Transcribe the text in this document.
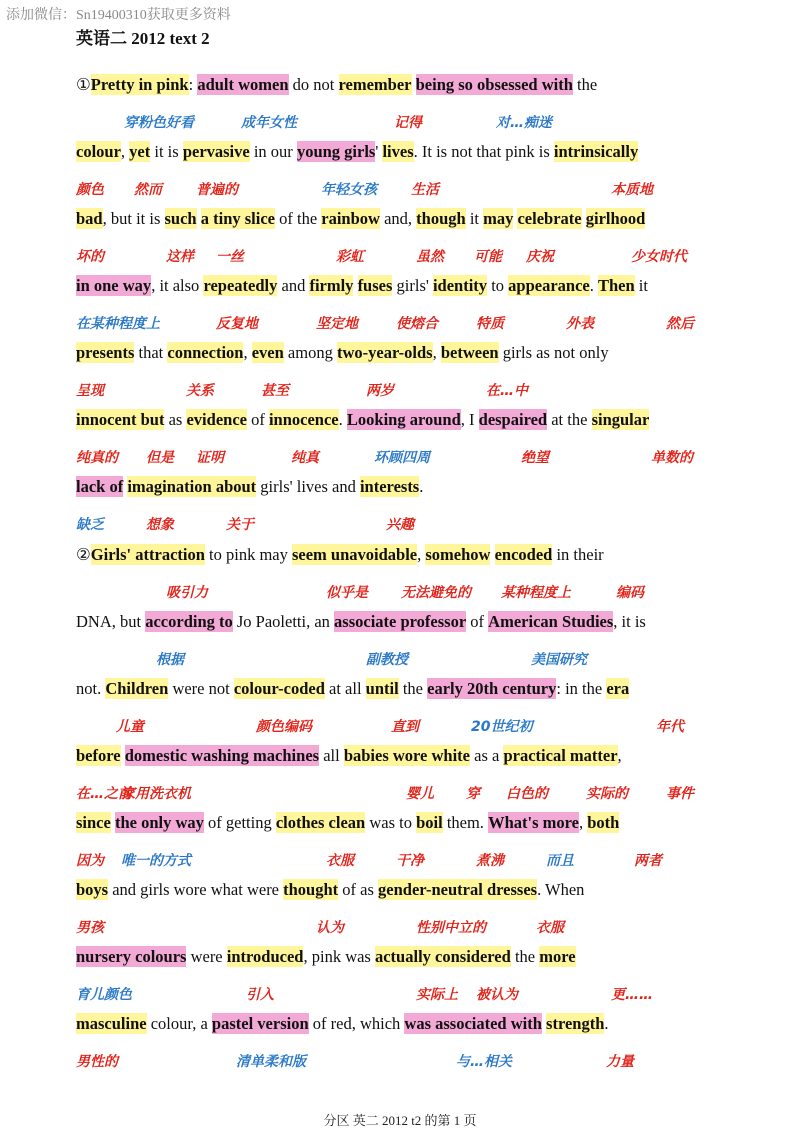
添加微信：Sn19400310获取更多资料
英语二 2012 text 2
①Pretty in pink: adult women do not remember being so obsessed with the
colour, yet it is pervasive in our young girls' lives. It is not that pink is intrinsically
bad, but it is such a tiny slice of the rainbow and, though it may celebrate girlhood
in one way, it also repeatedly and firmly fuses girls' identity to appearance. Then it
presents that connection, even among two-year-olds, between girls as not only
innocent but as evidence of innocence. Looking around, I despaired at the singular
lack of imagination about girls' lives and interests.
②Girls' attraction to pink may seem unavoidable, somehow encoded in their
DNA, but according to Jo Paoletti, an associate professor of American Studies, it is
not. Children were not colour-coded at all until the early 20th century: in the era
before domestic washing machines all babies wore white as a practical matter,
since the only way of getting clothes clean was to boil them. What's more, both
boys and girls wore what were thought of as gender-neutral dresses. When
nursery colours were introduced, pink was actually considered the more
masculine colour, a pastel version of red, which was associated with strength.
穿粉色好看	成年女性	记得	对…痴迷
颜色 然而 普遍的	年轻女孩 生活	本质地
坏的	这样 一丝	彩虹	虽然 可能 庆祝	少女时代
在某种程度上	反复地	坚定地	使熔合	特质	外表	然后
呈现	关系	甚至	两岁	在…中
纯真的 但是 证明	纯真	环顾四周	绝望	单数的
缺乏	想象	关于	兴趣
吸引力	似乎是 无法避免的 某种程度上	编码
根据	副教授	美国研究
儿童	颜色编码	直到	20世纪初	年代
在…之前
家用洗衣机	婴儿 穿 白色的	实际的	事件
因为 唯一的方式	衣服	干净	煮沸	而且	两者
男孩	认为	性别中立的	衣服
育儿颜色	引入	实际上 被认为	更……
男性的	清单柔和版	与…相关	力量
分区 英二 2012 t2 的第 1 页
